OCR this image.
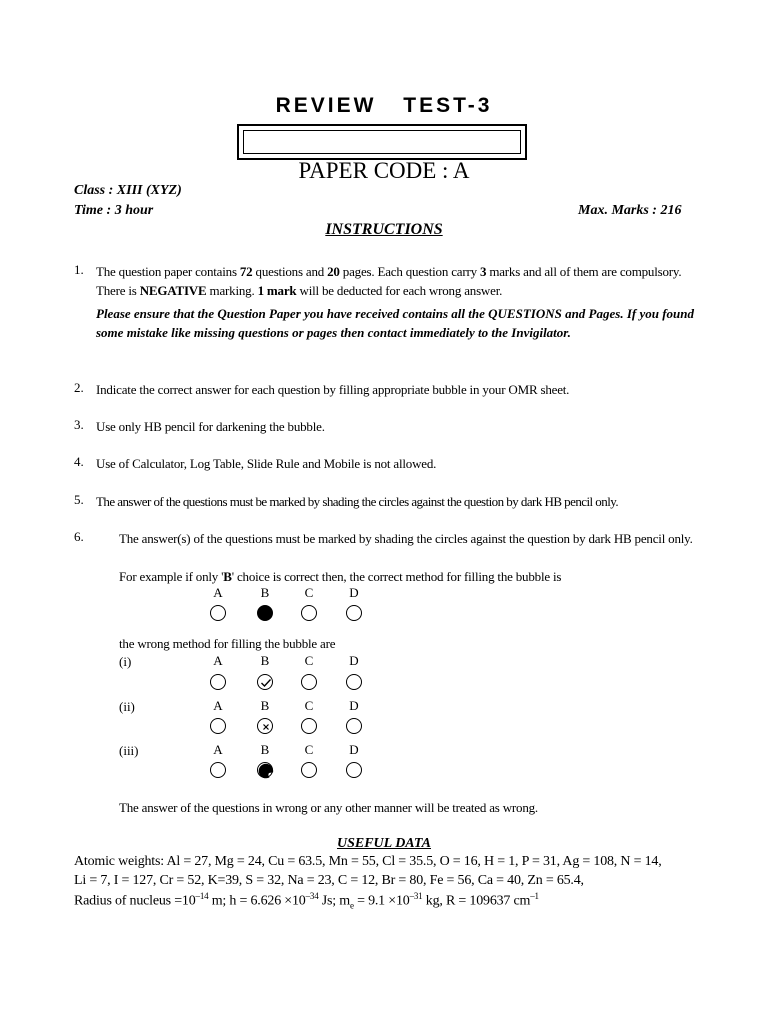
REVIEW TEST-3
PAPER CODE : A
Class : XIII (XYZ)
Time : 3 hour	Max. Marks : 216
INSTRUCTIONS
1. The question paper contains 72 questions and 20 pages. Each question carry 3 marks and all of them are compulsory. There is NEGATIVE marking. 1 mark will be deducted for each wrong answer.
Please ensure that the Question Paper you have received contains all the QUESTIONS and Pages. If you found some mistake like missing questions or pages then contact immediately to the Invigilator.
2. Indicate the correct answer for each question by filling appropriate bubble in your OMR sheet.
3. Use only HB pencil for darkening the bubble.
4. Use of Calculator, Log Table, Slide Rule and Mobile is not allowed.
5. The answer of the questions must be marked by shading the circles against the question by dark HB pencil only.
6.	The answer(s) of the questions must be marked by shading the circles against the question by dark HB pencil only.
For example if only 'B' choice is correct then, the correct method for filling the bubble is
A	B	C	D
the wrong method for filling the bubble are
(i)	A	B	C	D
(ii)	A	B	C	D
(iii)	A	B	C	D
The answer of the questions in wrong or any other manner will be treated as wrong.
USEFUL DATA
Atomic weights: Al = 27, Mg = 24, Cu = 63.5, Mn = 55, Cl = 35.5, O = 16, H = 1, P = 31, Ag = 108, N = 14,
Li = 7, I = 127, Cr = 52, K=39, S = 32, Na = 23, C = 12, Br = 80, Fe = 56, Ca = 40, Zn = 65.4,
Radius of nucleus $=10^{-14}$ m; $h = 6.626 \times 10^{-34}$ Js; $m_e = 9.1 \times 10^{-31}$ kg, R = 109637 $cm^{-1}$
